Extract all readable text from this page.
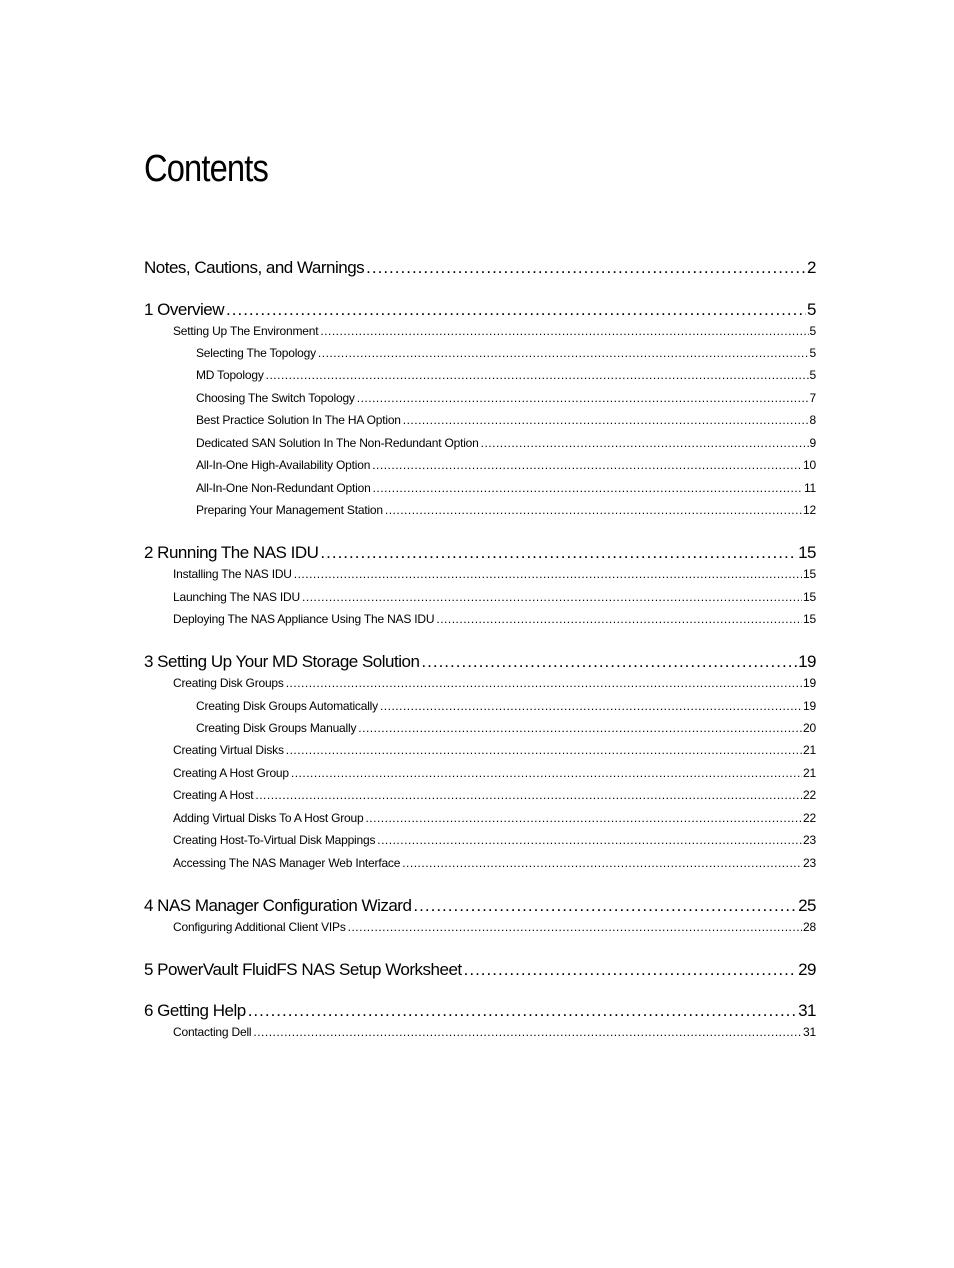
Contents
Notes, Cautions, and Warnings .....	2
1 Overview .....	5
Setting Up The Environment .....	5
Selecting The Topology .....	5
MD Topology .....	5
Choosing The Switch Topology .....	7
Best Practice Solution In The HA Option .....	8
Dedicated SAN Solution In The Non-Redundant Option .....	9
All-In-One High-Availability Option .....	10
All-In-One Non-Redundant Option .....	11
Preparing Your Management Station .....	12
2 Running The NAS IDU .....	15
Installing The NAS IDU .....	15
Launching The NAS IDU .....	15
Deploying The NAS Appliance Using The NAS IDU .....	15
3 Setting Up Your MD Storage Solution .....	19
Creating Disk Groups .....	19
Creating Disk Groups Automatically .....	19
Creating Disk Groups Manually .....	20
Creating Virtual Disks .....	21
Creating A Host Group .....	21
Creating A Host .....	22
Adding Virtual Disks To A Host Group .....	22
Creating Host-To-Virtual Disk Mappings .....	23
Accessing The NAS Manager Web Interface .....	23
4 NAS Manager Configuration Wizard .....	25
Configuring Additional Client VIPs .....	28
5 PowerVault FluidFS NAS Setup Worksheet .....	29
6 Getting Help .....	31
Contacting Dell .....	31
